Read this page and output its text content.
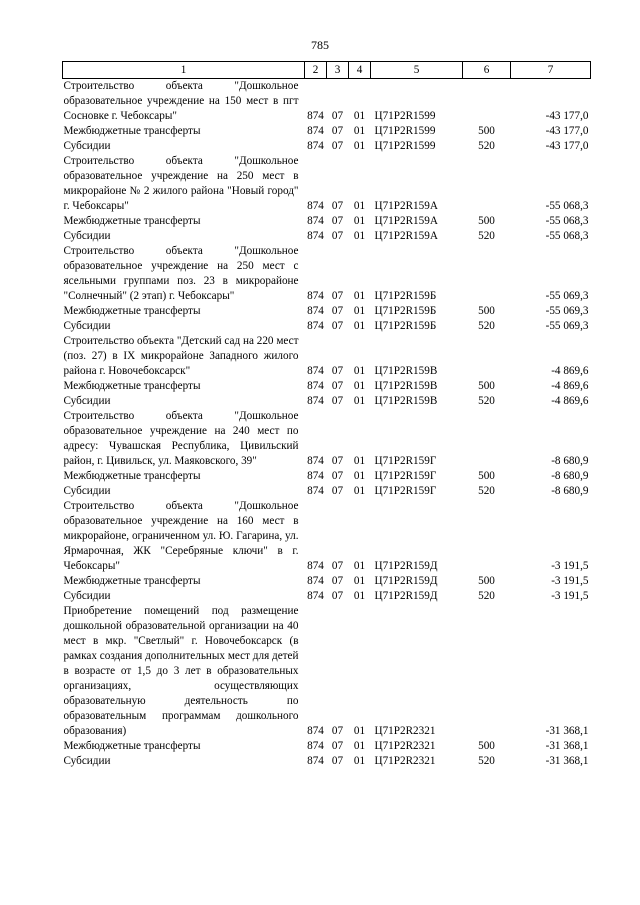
785
1	2	3	4	5	6	7
Строительство объекта "Дошкольное образовательное учреждение на 150 мест в пгт Сосновке г. Чебоксары"	874	07	01	Ц71Р2R1599		-43 177,0
Межбюджетные трансферты	874	07	01	Ц71Р2R1599	500	-43 177,0
Субсидии	874	07	01	Ц71Р2R1599	520	-43 177,0
Строительство объекта "Дошкольное образовательное учреждение на 250 мест в микрорайоне № 2 жилого района "Новый город" г. Чебоксары"	874	07	01	Ц71Р2R159А		-55 068,3
Межбюджетные трансферты	874	07	01	Ц71Р2R159А	500	-55 068,3
Субсидии	874	07	01	Ц71Р2R159А	520	-55 068,3
Строительство объекта "Дошкольное образовательное учреждение на 250 мест с ясельными группами поз. 23 в микрорайоне "Солнечный" (2 этап) г. Чебоксары"	874	07	01	Ц71Р2R159Б		-55 069,3
Межбюджетные трансферты	874	07	01	Ц71Р2R159Б	500	-55 069,3
Субсидии	874	07	01	Ц71Р2R159Б	520	-55 069,3
Строительство объекта "Детский сад на 220 мест (поз. 27) в IX микрорайоне Западного жилого района г. Новочебоксарск"	874	07	01	Ц71Р2R159В		-4 869,6
Межбюджетные трансферты	874	07	01	Ц71Р2R159В	500	-4 869,6
Субсидии	874	07	01	Ц71Р2R159В	520	-4 869,6
Строительство объекта "Дошкольное образовательное учреждение на 240 мест по адресу: Чувашская Республика, Цивильский район, г. Цивильск, ул. Маяковского, 39"	874	07	01	Ц71Р2R159Г		-8 680,9
Межбюджетные трансферты	874	07	01	Ц71Р2R159Г	500	-8 680,9
Субсидии	874	07	01	Ц71Р2R159Г	520	-8 680,9
Строительство объекта "Дошкольное образовательное учреждение на 160 мест в микрорайоне, ограниченном ул. Ю. Гагарина, ул. Ярмарочная, ЖК "Серебряные ключи" в г. Чебоксары"	874	07	01	Ц71Р2R159Д		-3 191,5
Межбюджетные трансферты	874	07	01	Ц71Р2R159Д	500	-3 191,5
Субсидии	874	07	01	Ц71Р2R159Д	520	-3 191,5
Приобретение помещений под размещение дошкольной образовательной организации на 40 мест в мкр. "Светлый" г. Новочебоксарск (в рамках создания дополнительных мест для детей в возрасте от 1,5 до 3 лет в образовательных организациях, осуществляющих образовательную деятельность по образовательным программам дошкольного образования)	874	07	01	Ц71Р2R2321		-31 368,1
Межбюджетные трансферты	874	07	01	Ц71Р2R2321	500	-31 368,1
Субсидии	874	07	01	Ц71Р2R2321	520	-31 368,1
